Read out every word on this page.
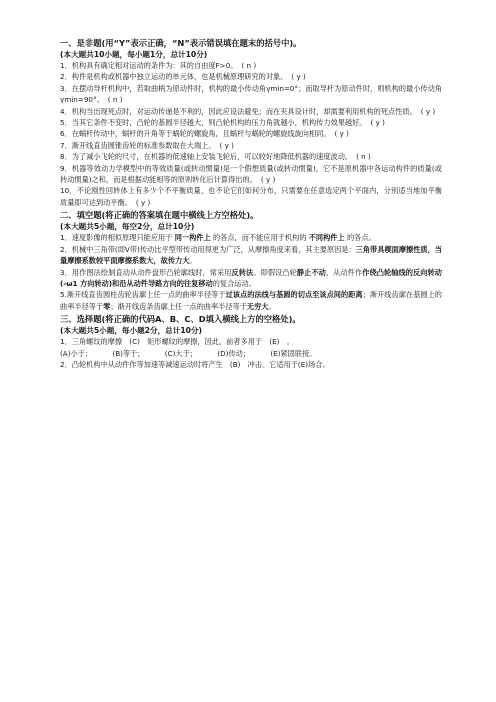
一、是非题(用“Y”表示正确，“N”表示错误填在题末的括号中)。
(本大题共10小题，每小题1分，总计10分)
1．机构具有确定相对运动的条件为：其的自由度F>0。 ( n )
2．构件是机构或机器中独立运动的单元体，也是机械原理研究的对象。 ( y )
3．在摆动导杆机构中，若取曲柄为原动件时，机构的最小传动角γmin=0°；而取导杆为原动件时，则机构的最小传动角γmin=90°。 ( n )
4．机构当出现死点时，对运动传递是不利的，因此应设法避免；而在夹具设计时，却需要利用机构的死点性质。 ( y )
5．当其它条件不变时，凸轮的基圆半径越大，则凸轮机构的压力角就越小，机构传力效果越好。 ( y )
6．在蜗杆传动中，蜗杆的升角等于蜗轮的螺旋角，且蜗杆与蜗轮的螺旋线旋向相同。 ( y )
7．渐开线直齿圆锥齿轮的标准参数取在大端上。 ( y )
8．为了减小飞轮的尺寸，在机器的低速轴上安装飞轮后，可以较好地降低机器的速度波动。 ( n )
9．机器等效动力学模型中的等效质量(或转动惯量)是一个假想质量(或转动惯量)，它不是原机器中各运动构件的质量(或转动惯量)之和，而是根据动能相等的原则转化后计算得出的。 ( y )
10．不论刚性回转体上有多少个不平衡质量，也不论它们如何分布，只需要在任意选定两个平面内，分别适当地加平衡质量即可达到动平衡。 ( y )
二、填空题(将正确的答案填在题中横线上方空格处)。
(本大题共5小题，每空2分，总计10分)
1．速度影像的相似原理只能应用于 同一构件上 的各点，而不能应用于机构的 不同构件上 的各点。
2．机械中三角带(即V带)传动比平型带传动用得更为广泛，从摩擦角度来看，其主要原因是：三角带具楔面摩擦性质，当量摩擦系数较平面摩擦系数大，故传力大。
3．用作图法绘制直动从动件盘形凸轮廓线时，常采用反转法。即假设凸轮静止不动，从动件作作绕凸轮轴线的反向转动(-ω1 方向转动)和沿从动件导路方向的往复移动的复合运动。
5.渐开线直齿圆柱齿轮齿廓上任一点的曲率半径等于过该点的法线与基圆的切点至该点间的距离；渐开线齿廓在基圆上的曲率半径等于零；渐开线齿条齿廓上任一点的曲率半径等于无穷大。
三、选择题(将正确的代码A、B、C、D填入横线上方的空格处)。
(本大题共5小题，每小题2分，总计10分)
1．三角螺纹的摩擦　(C)　矩形螺纹的摩擦，因此，前者多用于　(E)　。
(A)小于；	(B)等于；	(C)大于；	(D)传动；	(E)紧固联接。
2．凸轮机构中从动件作等加速等减速运动时将产生　(B)　冲击。它适用于(E)场合。
